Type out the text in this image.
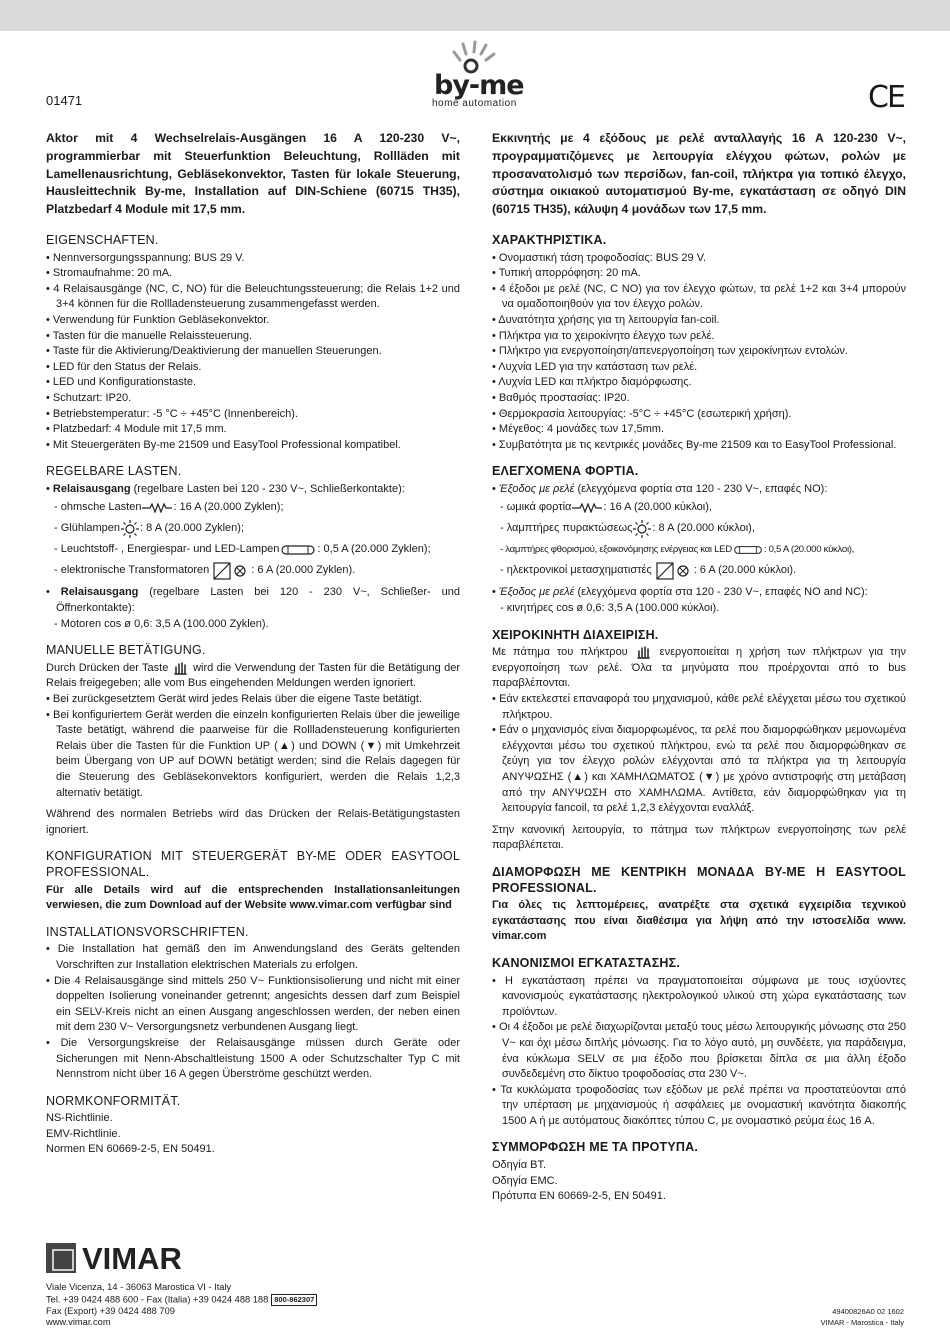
01471	by-me
home automation	CE
Aktor mit 4 Wechselrelais-Ausgängen 16 A 120-230 V~, programmierbar mit Steuerfunktion Beleuchtung, Rollläden mit Lamellenausrichtung, Gebläsekonvektor, Tasten für lokale Steuerung, Hausleittechnik By-me, Installation auf DIN-Schiene (60715 TH35), Platzbedarf 4 Module mit 17,5 mm.
EIGENSCHAFTEN.
• Nennversorgungsspannung: BUS 29 V.
• Stromaufnahme: 20 mA.
• 4 Relaisausgänge (NC, C, NO) für die Beleuchtungssteuerung; die Relais 1+2 und 3+4 können für die Rollladensteuerung zusammengefasst werden.
• Verwendung für Funktion Gebläsekonvektor.
• Tasten für die manuelle Relaissteuerung.
• Taste für die Aktivierung/Deaktivierung der manuellen Steuerungen.
• LED für den Status der Relais.
• LED und Konfigurationstaste.
• Schutzart: IP20.
• Betriebstemperatur: -5 °C ÷ +45°C (Innenbereich).
• Platzbedarf: 4 Module mit 17,5 mm.
• Mit Steuergeräten By-me 21509 und EasyTool Professional kompatibel.
REGELBARE LASTEN.
• Relaisausgang (regelbare Lasten bei 120 - 230 V~, Schließerkontakte):
- ohmsche Lasten	: 16 A (20.000 Zyklen);
- Glühlampen : 8 A (20.000 Zyklen);
- Leuchtstoff- , Energiespar- und LED-Lampen	: 0,5 A (20.000 Zyklen);
- elektronische Transformatoren	: 6 A (20.000 Zyklen).
• Relaisausgang (regelbare Lasten bei 120 - 230 V~, Schließer- und Öffnerkontakte):
- Motoren cos ø 0,6: 3,5 A (100.000 Zyklen).
MANUELLE BETÄTIGUNG.
Durch Drücken der Taste wird die Verwendung der Tasten für die Betätigung der Relais freigegeben; alle vom Bus eingehenden Meldungen werden ignoriert.
• Bei zurückgesetztem Gerät wird jedes Relais über die eigene Taste betätigt.
• Bei konfiguriertem Gerät werden die einzeln konfigurierten Relais über die jeweilige Taste betätigt, während die paarweise für die Rollladensteuerung konfigurierten Relais über die Tasten für die Funktion UP (▲) und DOWN (▼) mit Umkehrzeit beim Übergang von UP auf DOWN betätigt werden; sind die Relais dagegen für die Steuerung des Gebläsekonvektors konfiguriert, werden die Relais 1,2,3 alternativ betätigt.
Während des normalen Betriebs wird das Drücken der Relais-Betätigungstasten ignoriert.
KONFIGURATION MIT STEUERGERÄT BY-ME ODER EASYTOOL PROFESSIONAL.
Für alle Details wird auf die entsprechenden Installationsanleitungen verwiesen, die zum Download auf der Website www.vimar.com verfügbar sind
INSTALLATIONSVORSCHRIFTEN.
• Die Installation hat gemäß den im Anwendungsland des Geräts geltenden Vorschriften zur Installation elektrischen Materials zu erfolgen.
• Die 4 Relaisausgänge sind mittels 250 V~ Funktionsisolierung und nicht mit einer doppelten Isolierung voneinander getrennt; angesichts dessen darf zum Beispiel ein SELV-Kreis nicht an einen Ausgang angeschlossen werden, der neben einen mit dem 230 V~ Versorgungsnetz verbundenen Ausgang liegt.
• Die Versorgungskreise der Relaisausgänge müssen durch Geräte oder Sicherungen mit Nenn-Abschaltleistung 1500 A oder Schutzschalter Typ C mit Nennstrom nicht über 16 A gegen Überströme geschützt werden.
NORMKONFORMITÄT.
NS-Richtlinie.
EMV-Richtlinie.
Normen EN 60669-2-5, EN 50491.
Εκκινητής με 4 εξόδους με ρελέ ανταλλαγής 16 A 120-230 V~, προγραμματιζόμενες με λειτουργία ελέγχου φώτων, ρολών με προσανατολισμό των περσίδων, fan-coil, πλήκτρα για τοπικό έλεγχο, σύστημα οικιακού αυτοματισμού By-me, εγκατάσταση σε οδηγό DIN (60715 TH35), κάλυψη 4 μονάδων των 17,5 mm.
ΧΑΡΑΚΤΗΡΙΣΤΙΚΑ.
• Ονομαστική τάση τροφοδοσίας: BUS 29 V.
• Τυπική απορρόφηση: 20 mA.
• 4 έξοδοι με ρελέ (NC, C NO) για τον έλεγχο φώτων, τα ρελέ 1+2 και 3+4 μπορούν να ομαδοποιηθούν για τον έλεγχο ρολών.
• Δυνατότητα χρήσης για τη λειτουργία fan-coil.
• Πλήκτρα για το χειροκίνητο έλεγχο των ρελέ.
• Πλήκτρο για ενεργοποίηση/απενεργοποίηση των χειροκίνητων εντολών.
• Λυχνία LED για την κατάσταση των ρελέ.
• Λυχνία LED και πλήκτρο διαμόρφωσης.
• Βαθμός προστασίας: IP20.
• Θερμοκρασία λειτουργίας: -5°C ÷ +45°C (εσωτερική χρήση).
• Μέγεθος: 4 μονάδες των 17,5mm.
• Συμβατότητα με τις κεντρικές μονάδες By-me 21509 και το EasyTool Professional.
ΕΛΕΓΧΟΜΕΝΑ ΦΟΡΤΙΑ.
• Έξοδος με ρελέ (ελεγχόμενα φορτία στα 120 - 230 V~, επαφές NO):
- ωμικά φορτία	: 16 A (20.000 κύκλοι),
- λαμπτήρες πυρακτώσεως : 8 A (20.000 κύκλοι),
- λαμπτήρες φθορισμού, εξοικονόμησης ενέργειας και LED	: 0,5 A (20.000 κύκλοι),
- ηλεκτρονικοί μετασχηματιστές	: 6 A (20.000 κύκλοι).
• Έξοδος με ρελέ (ελεγχόμενα φορτία στα 120 - 230 V~, επαφές NO and NC):
- κινητήρες cos ø 0,6: 3,5 A (100.000 κύκλοι).
ΧΕΙΡΟΚΙΝΗΤΗ ΔΙΑΧΕΙΡΙΣΗ.
Με πάτημα του πλήκτρου	ενεργοποιείται η χρήση των πλήκτρων για την ενεργοποίηση των ρελέ. Όλα τα μηνύματα που προέρχονται από το bus παραβλέπονται.
• Εάν εκτελεστεί επαναφορά του μηχανισμού, κάθε ρελέ ελέγχεται μέσω του σχετικού πλήκτρου.
• Εάν ο μηχανισμός είναι διαμορφωμένος, τα ρελέ που διαμορφώθηκαν μεμονωμένα ελέγχονται μέσω του σχετικού πλήκτρου, ενώ τα ρελέ που διαμορφώθηκαν σε ζεύγη για τον έλεγχο ρολών ελέγχονται από τα πλήκτρα για τη λειτουργία ΑΝΥΨΩΣΗΣ (▲) και ΧΑΜΗΛΩΜΑΤΟΣ (▼) με χρόνο αντιστροφής στη μετάβαση από την ΑΝΥΨΩΣΗ στο ΧΑΜΗΛΩΜΑ. Αντίθετα, εάν διαμορφώθηκαν για τη λειτουργία fancoil, τα ρελέ 1,2,3 ελέγχονται εναλλάξ.
Στην κανονική λειτουργία, το πάτημα των πλήκτρων ενεργοποίησης των ρελέ παραβλέπεται.
ΔΙΑΜΟΡΦΩΣΗ ΜΕ ΚΕΝΤΡΙΚΗ ΜΟΝΑΔΑ BY-ME Η EASYTOOL PROFESSIONAL.
Για όλες τις λεπτομέρειες, ανατρέξτε στα σχετικά εγχειρίδια τεχνικού εγκατάστασης που είναι διαθέσιμα για λήψη από την ιστοσελίδα www. vimar.com
ΚΑΝΟΝΙΣΜΟΙ ΕΓΚΑΤΑΣΤΑΣΗΣ.
• Η εγκατάσταση πρέπει να πραγματοποιείται σύμφωνα με τους ισχύοντες κανονισμούς εγκατάστασης ηλεκτρολογικού υλικού στη χώρα εγκατάστασης των προϊόντων.
• Οι 4 έξοδοι με ρελέ διαχωρίζονται μεταξύ τους μέσω λειτουργικής μόνωσης στα 250 V~ και όχι μέσω διπλής μόνωσης. Για το λόγο αυτό, μη συνδέετε, για παράδειγμα, ένα κύκλωμα SELV σε μια έξοδο που βρίσκεται δίπλα σε μια άλλη έξοδο συνδεδεμένη στο δίκτυο τροφοδοσίας στα 230 V~.
• Τα κυκλώματα τροφοδοσίας των εξόδων με ρελέ πρέπει να προστατεύονται από την υπέρταση με μηχανισμούς ή ασφάλειες με ονομαστική ικανότητα διακοπής 1500 A ή με αυτόματους διακόπτες τύπου C, με ονομαστικό ρεύμα έως 16 A.
ΣΥΜΜΟΡΦΩΣΗ ΜΕ ΤΑ ΠΡΟΤΥΠΑ.
Οδηγία BT.
Οδηγία EMC.
Πρότυπα EN 60669-2-5, EN 50491.
VIMAR
Viale Vicenza, 14 - 36063 Marostica VI - Italy
Tel. +39 0424 488 600 - Fax (Italia) +39 0424 488 188 800-862307
Fax (Export) +39 0424 488 709
www.vimar.com
49400826A0 02 1602
VIMAR - Marostica - Italy
